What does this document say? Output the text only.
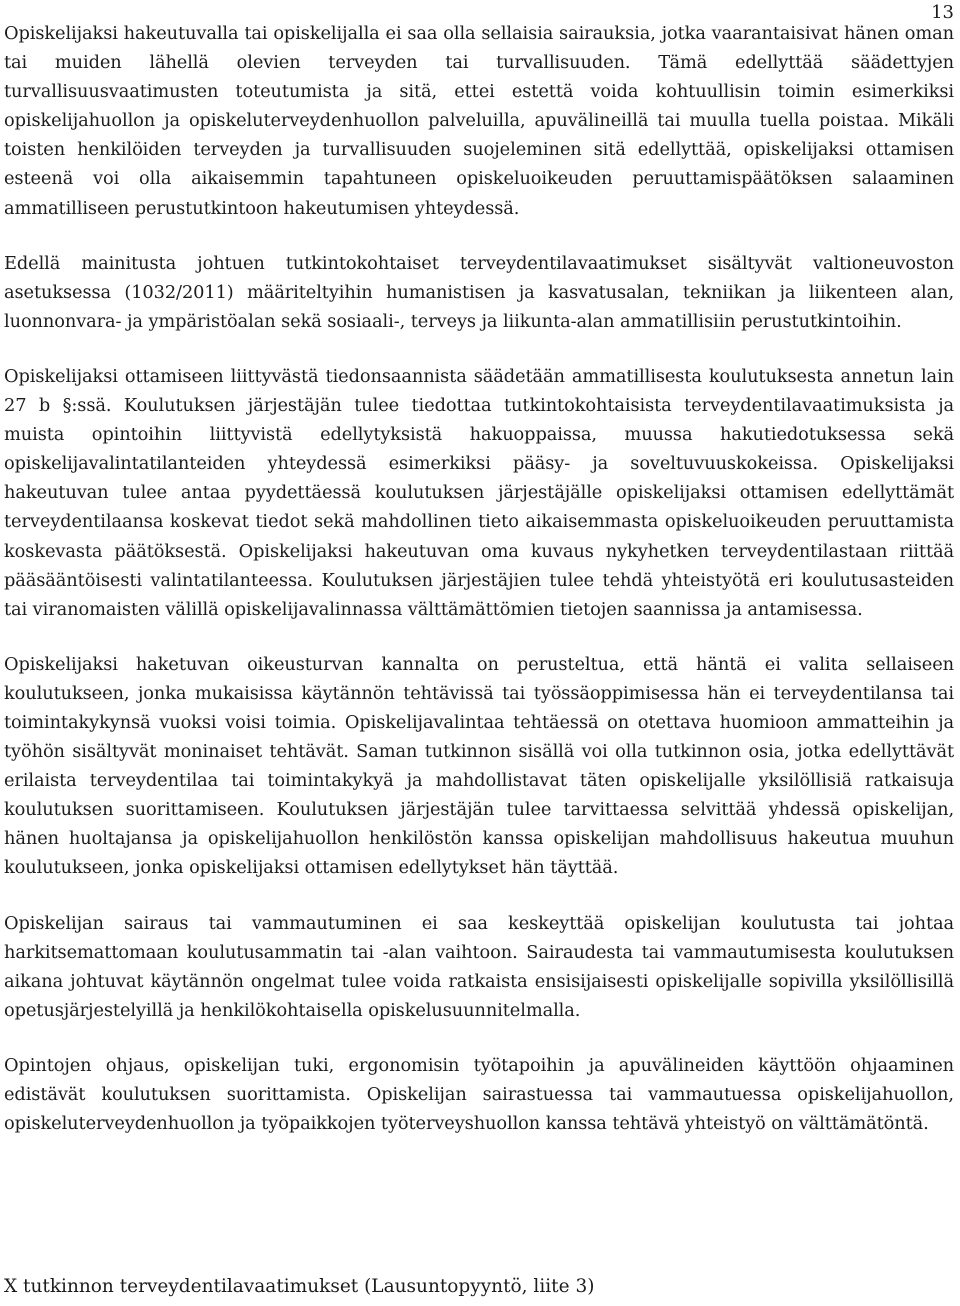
13

Opiskelijaksi hakeutuvalla tai opiskelijalla ei saa olla sellaisia sairauksia, jotka vaarantaisivat hänen oman tai muiden lähellä olevien terveyden tai turvallisuuden. Tämä edellyttää säädettyjen turvallisuusvaatimusten toteutumista ja sitä, ettei estettä voida kohtuullisin toimin esimerkiksi opiskelijahuollon ja opiskeluterveydenhuollon palveluilla, apuvälineillä tai muulla tuella poistaa. Mikäli toisten henkilöiden terveyden ja turvallisuuden suojeleminen sitä edellyttää, opiskelijaksi ottamisen esteenä voi olla aikaisemmin tapahtuneen opiskeluoikeuden peruuttamispäätöksen salaaminen ammatilliseen perustutkintoon hakeutumisen yhteydessä.

Edellä mainitusta johtuen tutkintokohtaiset terveydentilavaatimukset sisältyvät valtioneuvoston asetuksessa (1032/2011) määriteltyihin humanistisen ja kasvatusalan, tekniikan ja liikenteen alan, luonnonvara- ja ympäristöalan sekä sosiaali-, terveys ja liikunta-alan ammatillisiin perustutkintoihin.

Opiskelijaksi ottamiseen liittyvästä tiedonsaannista säädetään ammatillisesta koulutuksesta annetun lain 27 b §:ssä. Koulutuksen järjestäjän tulee tiedottaa tutkintokohtaisista terveydentilavaatimuksista ja muista opintoihin liittyvistä edellytyksistä hakuoppaissa, muussa hakutiedotuksessa sekä opiskelijavalintatilanteiden yhteydessä esimerkiksi pääsy- ja soveltuvuuskokeissa. Opiskelijaksi hakeutuvan tulee antaa pyydettäessä koulutuksen järjestäjälle opiskelijaksi ottamisen edellyttämät terveydentilaansa koskevat tiedot sekä mahdollinen tieto aikaisemmasta opiskeluoikeuden peruuttamista koskevasta päätöksestä. Opiskelijaksi hakeutuvan oma kuvaus nykyhetken terveydentilastaan riittää pääsääntöisesti valintatilanteessa. Koulutuksen järjestäjien tulee tehdä yhteistyötä eri koulutusasteiden tai viranomaisten välillä opiskelijavalinnassa välttämättömien tietojen saannissa ja antamisessa.

Opiskelijaksi haketuvan oikeusturvan kannalta on perusteltua, että häntä ei valita sellaiseen koulutukseen, jonka mukaisissa käytännön tehtävissä tai työssäoppimisessa hän ei terveydentilansa tai toimintakykynsä vuoksi voisi toimia. Opiskelijavalintaa tehtäessä on otettava huomioon ammatteihin ja työhön sisältyvät moninaiset tehtävät. Saman tutkinnon sisällä voi olla tutkinnon osia, jotka edellyttävät erilaista terveydentilaa tai toimintakykyä ja mahdollistavat täten opiskelijalle yksilöllisiä ratkaisuja koulutuksen suorittamiseen. Koulutuksen järjestäjän tulee tarvittaessa selvittää yhdessä opiskelijan, hänen huoltajansa ja opiskelijahuollon henkilöstön kanssa opiskelijan mahdollisuus hakeutua muuhun koulutukseen, jonka opiskelijaksi ottamisen edellytykset hän täyttää.

Opiskelijan sairaus tai vammautuminen ei saa keskeyttää opiskelijan koulutusta tai johtaa harkitsemattomaan koulutusammatin tai -alan vaihtoon. Sairaudesta tai vammautumisesta koulutuksen aikana johtuvat käytännön ongelmat tulee voida ratkaista ensisijaisesti opiskelijalle sopivilla yksilöllisillä opetusjärjestelyillä ja henkilökohtaisella opiskelusuunnitelmalla.

Opintojen ohjaus, opiskelijan tuki, ergonomisin työtapoihin ja apuvälineiden käyttöön ohjaaminen edistävät koulutuksen suorittamista. Opiskelijan sairastuessa tai vammautuessa opiskelijahuollon, opiskeluterveydenhuollon ja työpaikkojen työterveyshuollon kanssa tehtävä yhteistyö on välttämätöntä.

X tutkinnon terveydentilavaatimukset (Lausuntopyyntö, liite 3)
